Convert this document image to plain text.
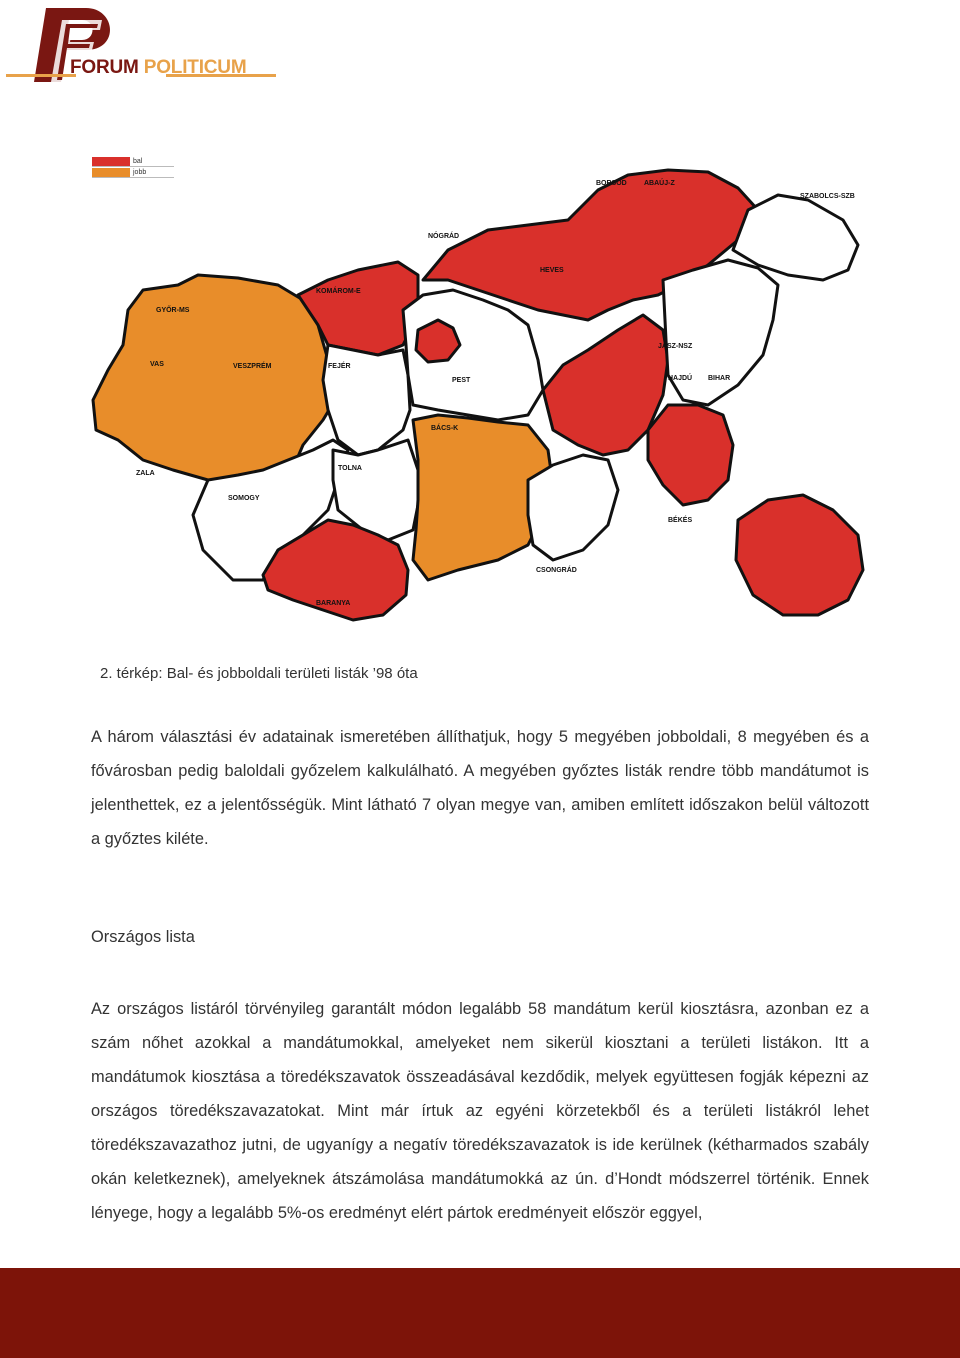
FORUM POLITICUM
bal
jobb
BORSOD ABAÚJ-Z
SZABOLCS-SZB
NÓGRÁD
HEVES
KOMÁROM-E
GYŐR-MS
VAS	VESZPRÉM	FEJÉR
PEST
JÁSZ-NSZ
HAJDÚ BIHAR
ZALA
SOMOGY
TOLNA
BÁCS-K
BÉKÉS
CSONGRÁD
BARANYA
2. térkép: Bal- és jobboldali területi listák ’98 óta
A három választási év adatainak ismeretében állíthatjuk, hogy 5 megyében jobboldali, 8 megyében és a fővárosban pedig baloldali győzelem kalkulálható. A megyében győztes listák rendre több mandátumot is jelenthettek, ez a jelentősségük. Mint látható 7 olyan megye van, amiben említett időszakon belül változott a győztes kiléte.
Országos lista
Az országos listáról törvényileg garantált módon legalább 58 mandátum kerül kiosztásra, azonban ez a szám nőhet azokkal a mandátumokkal, amelyeket nem sikerül kiosztani a területi listákon. Itt a mandátumok kiosztása a töredékszavatok összeadásával kezdődik, melyek együttesen fogják képezni az országos töredékszavazatokat. Mint már írtuk az egyéni körzetekből és a területi listákról lehet töredékszavazathoz jutni, de ugyanígy a negatív töredékszavazatok is ide kerülnek (kétharmados szabály okán keletkeznek), amelyeknek átszámolása mandátumokká az ún. d’Hondt módszerrel történik. Ennek lényege, hogy a legalább 5%-os eredményt elért pártok eredményeit először eggyel,
